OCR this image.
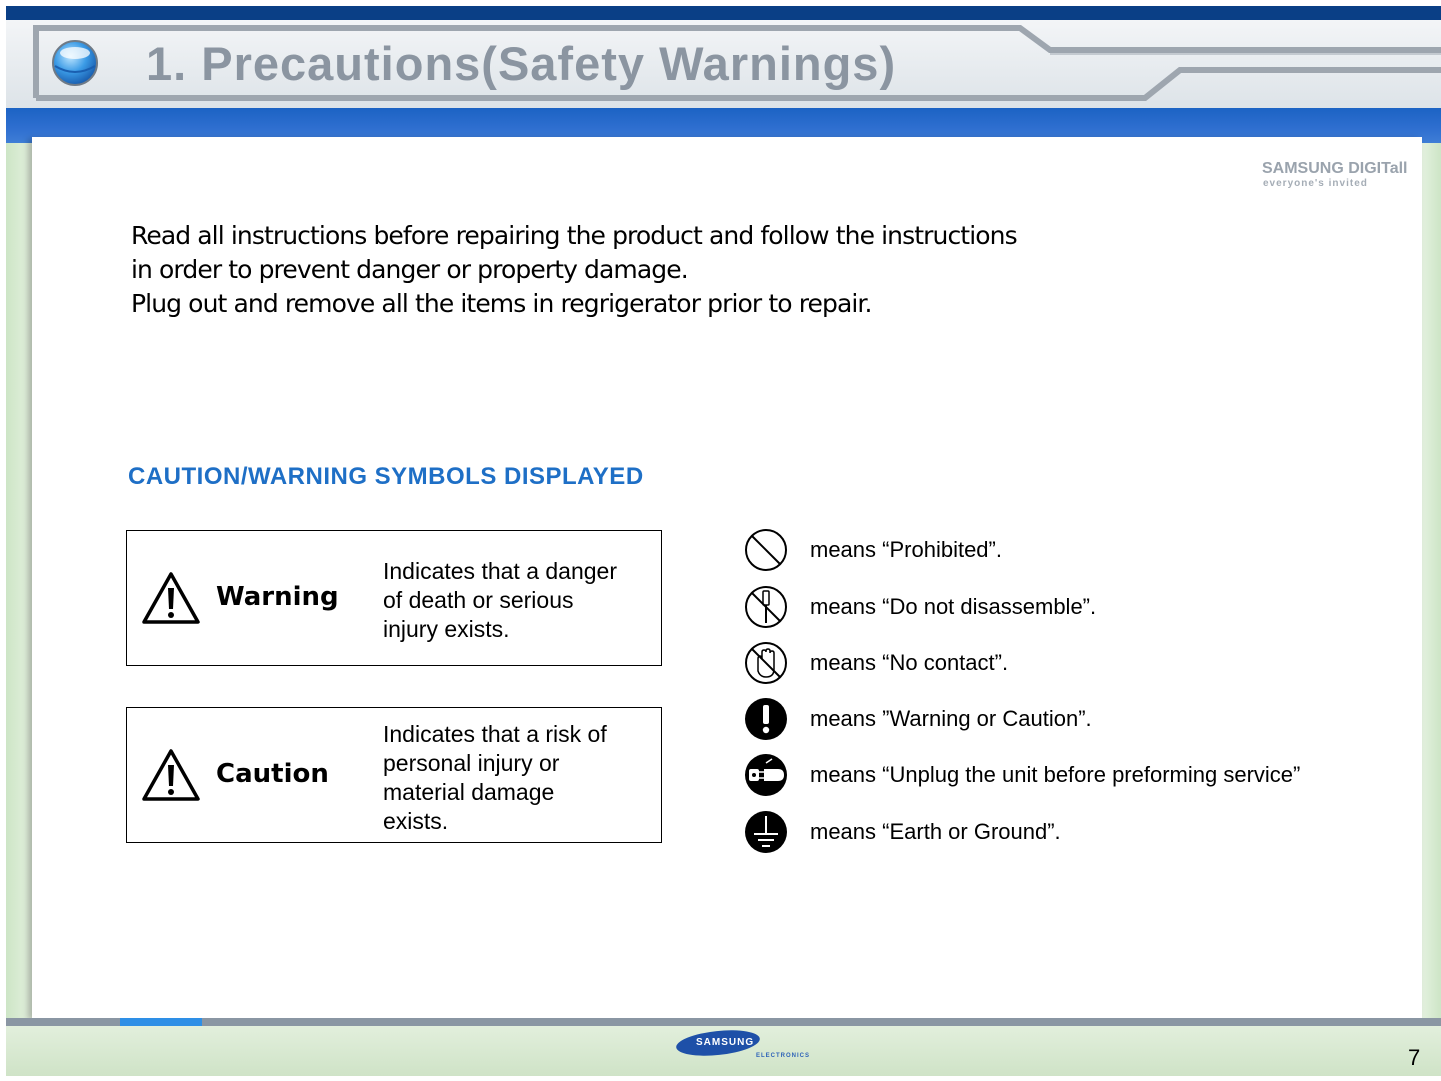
1. Precautions(Safety Warnings)
SAMSUNG DIGITall
everyone's invited
Read all instructions before repairing the product and follow the instructions
in order to prevent danger or property damage.
Plug out and remove all the items in regrigerator prior to repair.
CAUTION/WARNING SYMBOLS DISPLAYED
Warning
Indicates that a danger
of death or serious
injury exists.
Caution
Indicates that a risk of
personal injury or
material damage
exists.
means “Prohibited”.
means “Do not disassemble”.
means “No contact”.
means ”Warning or Caution”.
means “Unplug the unit before preforming service”
means “Earth or Ground”.
SAMSUNG
ELECTRONICS	7
